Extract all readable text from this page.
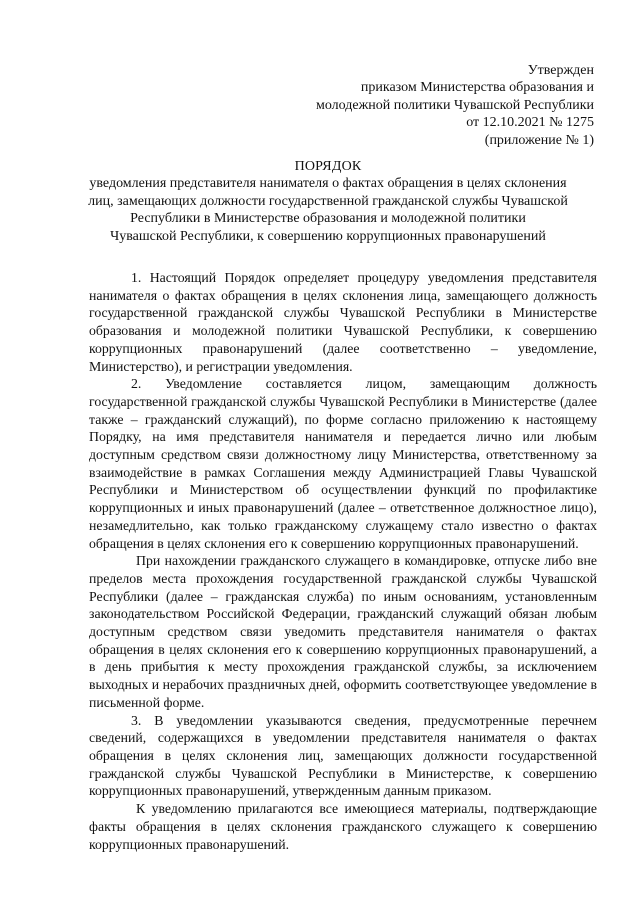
Утвержден
приказом Министерства образования и
молодежной политики Чувашской Республики
от 12.10.2021 № 1275
(приложение № 1)
ПОРЯДОК
уведомления представителя нанимателя о фактах обращения в целях склонения
лиц, замещающих должности государственной гражданской службы Чувашской
Республики в Министерстве образования и молодежной политики
Чувашской Республики, к совершению коррупционных правонарушений

1. Настоящий Порядок определяет процедуру уведомления представителя нанимателя о фактах обращения в целях склонения лица, замещающего должность государственной гражданской службы Чувашской Республики в Министерстве образования и молодежной политики Чувашской Республики, к совершению коррупционных правонарушений (далее соответственно – уведомление, Министерство), и регистрации уведомления.

2. Уведомление составляется лицом, замещающим должность государственной гражданской службы Чувашской Республики в Министерстве (далее также – гражданский служащий), по форме согласно приложению к настоящему Порядку, на имя представителя нанимателя и передается лично или любым доступным средством связи должностному лицу Министерства, ответственному за взаимодействие в рамках Соглашения между Администрацией Главы Чувашской Республики и Министерством об осуществлении функций по профилактике коррупционных и иных правонарушений (далее – ответственное должностное лицо), незамедлительно, как только гражданскому служащему стало известно о фактах обращения в целях склонения его к совершению коррупционных правонарушений.

При нахождении гражданского служащего в командировке, отпуске либо вне пределов места прохождения государственной гражданской службы Чувашской Республики (далее – гражданская служба) по иным основаниям, установленным законодательством Российской Федерации, гражданский служащий обязан любым доступным средством связи уведомить представителя нанимателя о фактах обращения в целях склонения его к совершению коррупционных правонарушений, а в день прибытия к месту прохождения гражданской службы, за исключением выходных и нерабочих праздничных дней, оформить соответствующее уведомление в письменной форме.

3. В уведомлении указываются сведения, предусмотренные перечнем сведений, содержащихся в уведомлении представителя нанимателя о фактах обращения в целях склонения лиц, замещающих должности государственной гражданской службы Чувашской Республики в Министерстве, к совершению коррупционных правонарушений, утвержденным данным приказом.

К уведомлению прилагаются все имеющиеся материалы, подтверждающие факты обращения в целях склонения гражданского служащего к совершению коррупционных правонарушений.
